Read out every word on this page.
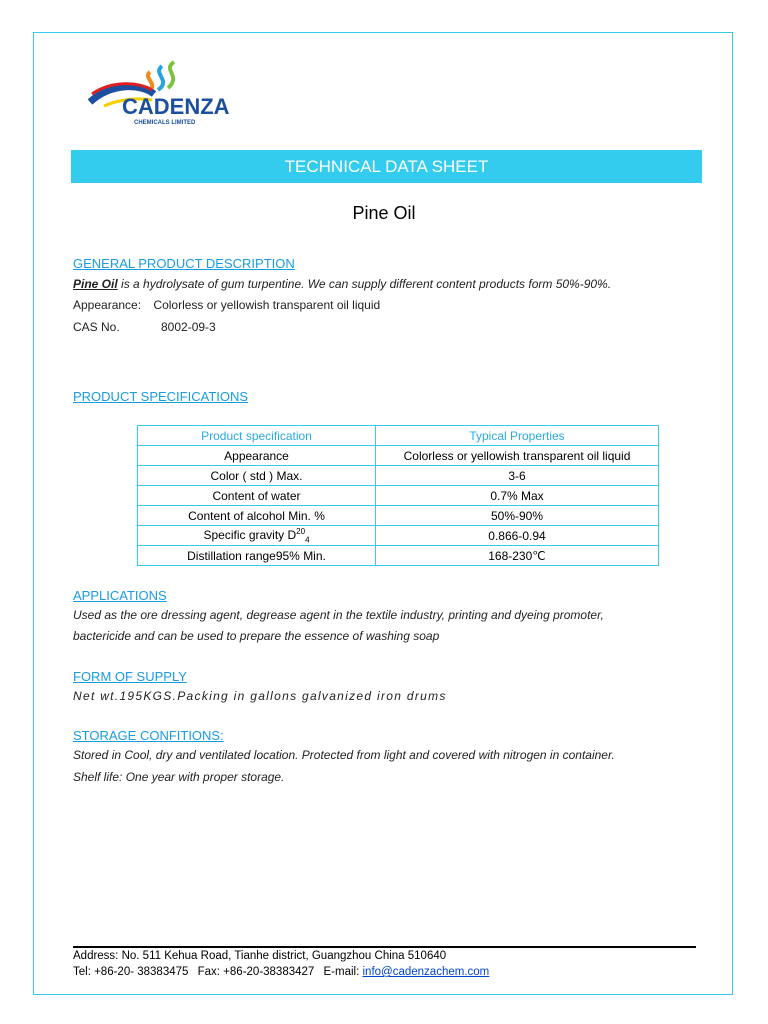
CADENZA
CHEMICALS LIMITED
TECHNICAL DATA SHEET
Pine Oil
GENERAL PRODUCT DESCRIPTION
Pine Oil is a hydrolysate of gum turpentine. We can supply different content products form 50%-90%.
Appearance: Colorless or yellowish transparent oil liquid
CAS No.	8002-09-3
PRODUCT SPECIFICATIONS
Product specification	Typical Properties
Appearance	Colorless or yellowish transparent oil liquid
Color ( std ) Max.	3-6
Content of water	0.7% Max
Content of alcohol Min. %	50%-90%
Specific gravity $D^{20}_4$	0.866-0.94
Distillation range95% Min.	168-230℃
APPLICATIONS
Used as the ore dressing agent, degrease agent in the textile industry, printing and dyeing promoter,
bactericide and can be used to prepare the essence of washing soap
FORM OF SUPPLY
Net wt.195KGS.Packing in gallons galvanized iron drums
STORAGE CONFITIONS:
Stored in Cool, dry and ventilated location. Protected from light and covered with nitrogen in container.
Shelf life: One year with proper storage.
Address: No. 511 Kehua Road, Tianhe district, Guangzhou China 510640
Tel: +86-20- 38383475 Fax: +86-20-38383427 E-mail: info@cadenzachem.com
